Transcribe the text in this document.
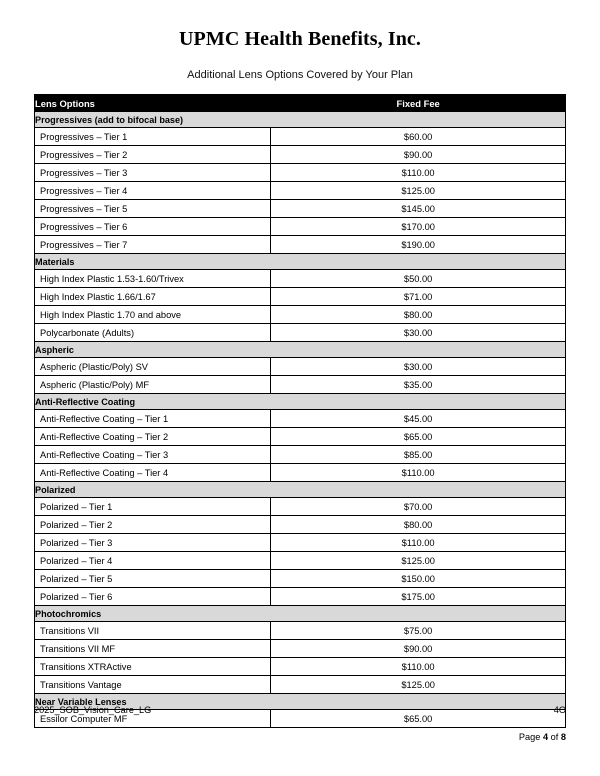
UPMC Health Benefits, Inc.

Additional Lens Options Covered by Your Plan

Lens Options	Fixed Fee
Progressives (add to bifocal base)	
Progressives – Tier 1	$60.00
Progressives – Tier 2	$90.00
Progressives – Tier 3	$110.00
Progressives – Tier 4	$125.00
Progressives – Tier 5	$145.00
Progressives – Tier 6	$170.00
Progressives – Tier 7	$190.00
Materials	
High Index Plastic 1.53-1.60/Trivex	$50.00
High Index Plastic 1.66/1.67	$71.00
High Index Plastic 1.70 and above	$80.00
Polycarbonate (Adults)	$30.00
Aspheric	
Aspheric (Plastic/Poly) SV	$30.00
Aspheric (Plastic/Poly) MF	$35.00
Anti-Reflective Coating	
Anti-Reflective Coating – Tier 1	$45.00
Anti-Reflective Coating – Tier 2	$65.00
Anti-Reflective Coating – Tier 3	$85.00
Anti-Reflective Coating – Tier 4	$110.00
Polarized	
Polarized – Tier 1	$70.00
Polarized – Tier 2	$80.00
Polarized – Tier 3	$110.00
Polarized – Tier 4	$125.00
Polarized – Tier 5	$150.00
Polarized – Tier 6	$175.00
Photochromics	
Transitions VII	$75.00
Transitions VII MF	$90.00
Transitions XTRActive	$110.00
Transitions Vantage	$125.00
Near Variable Lenses	
Essilor Computer MF	$65.00
2025_SOB_Vision_Care_LG	4O
Page 4 of 8
